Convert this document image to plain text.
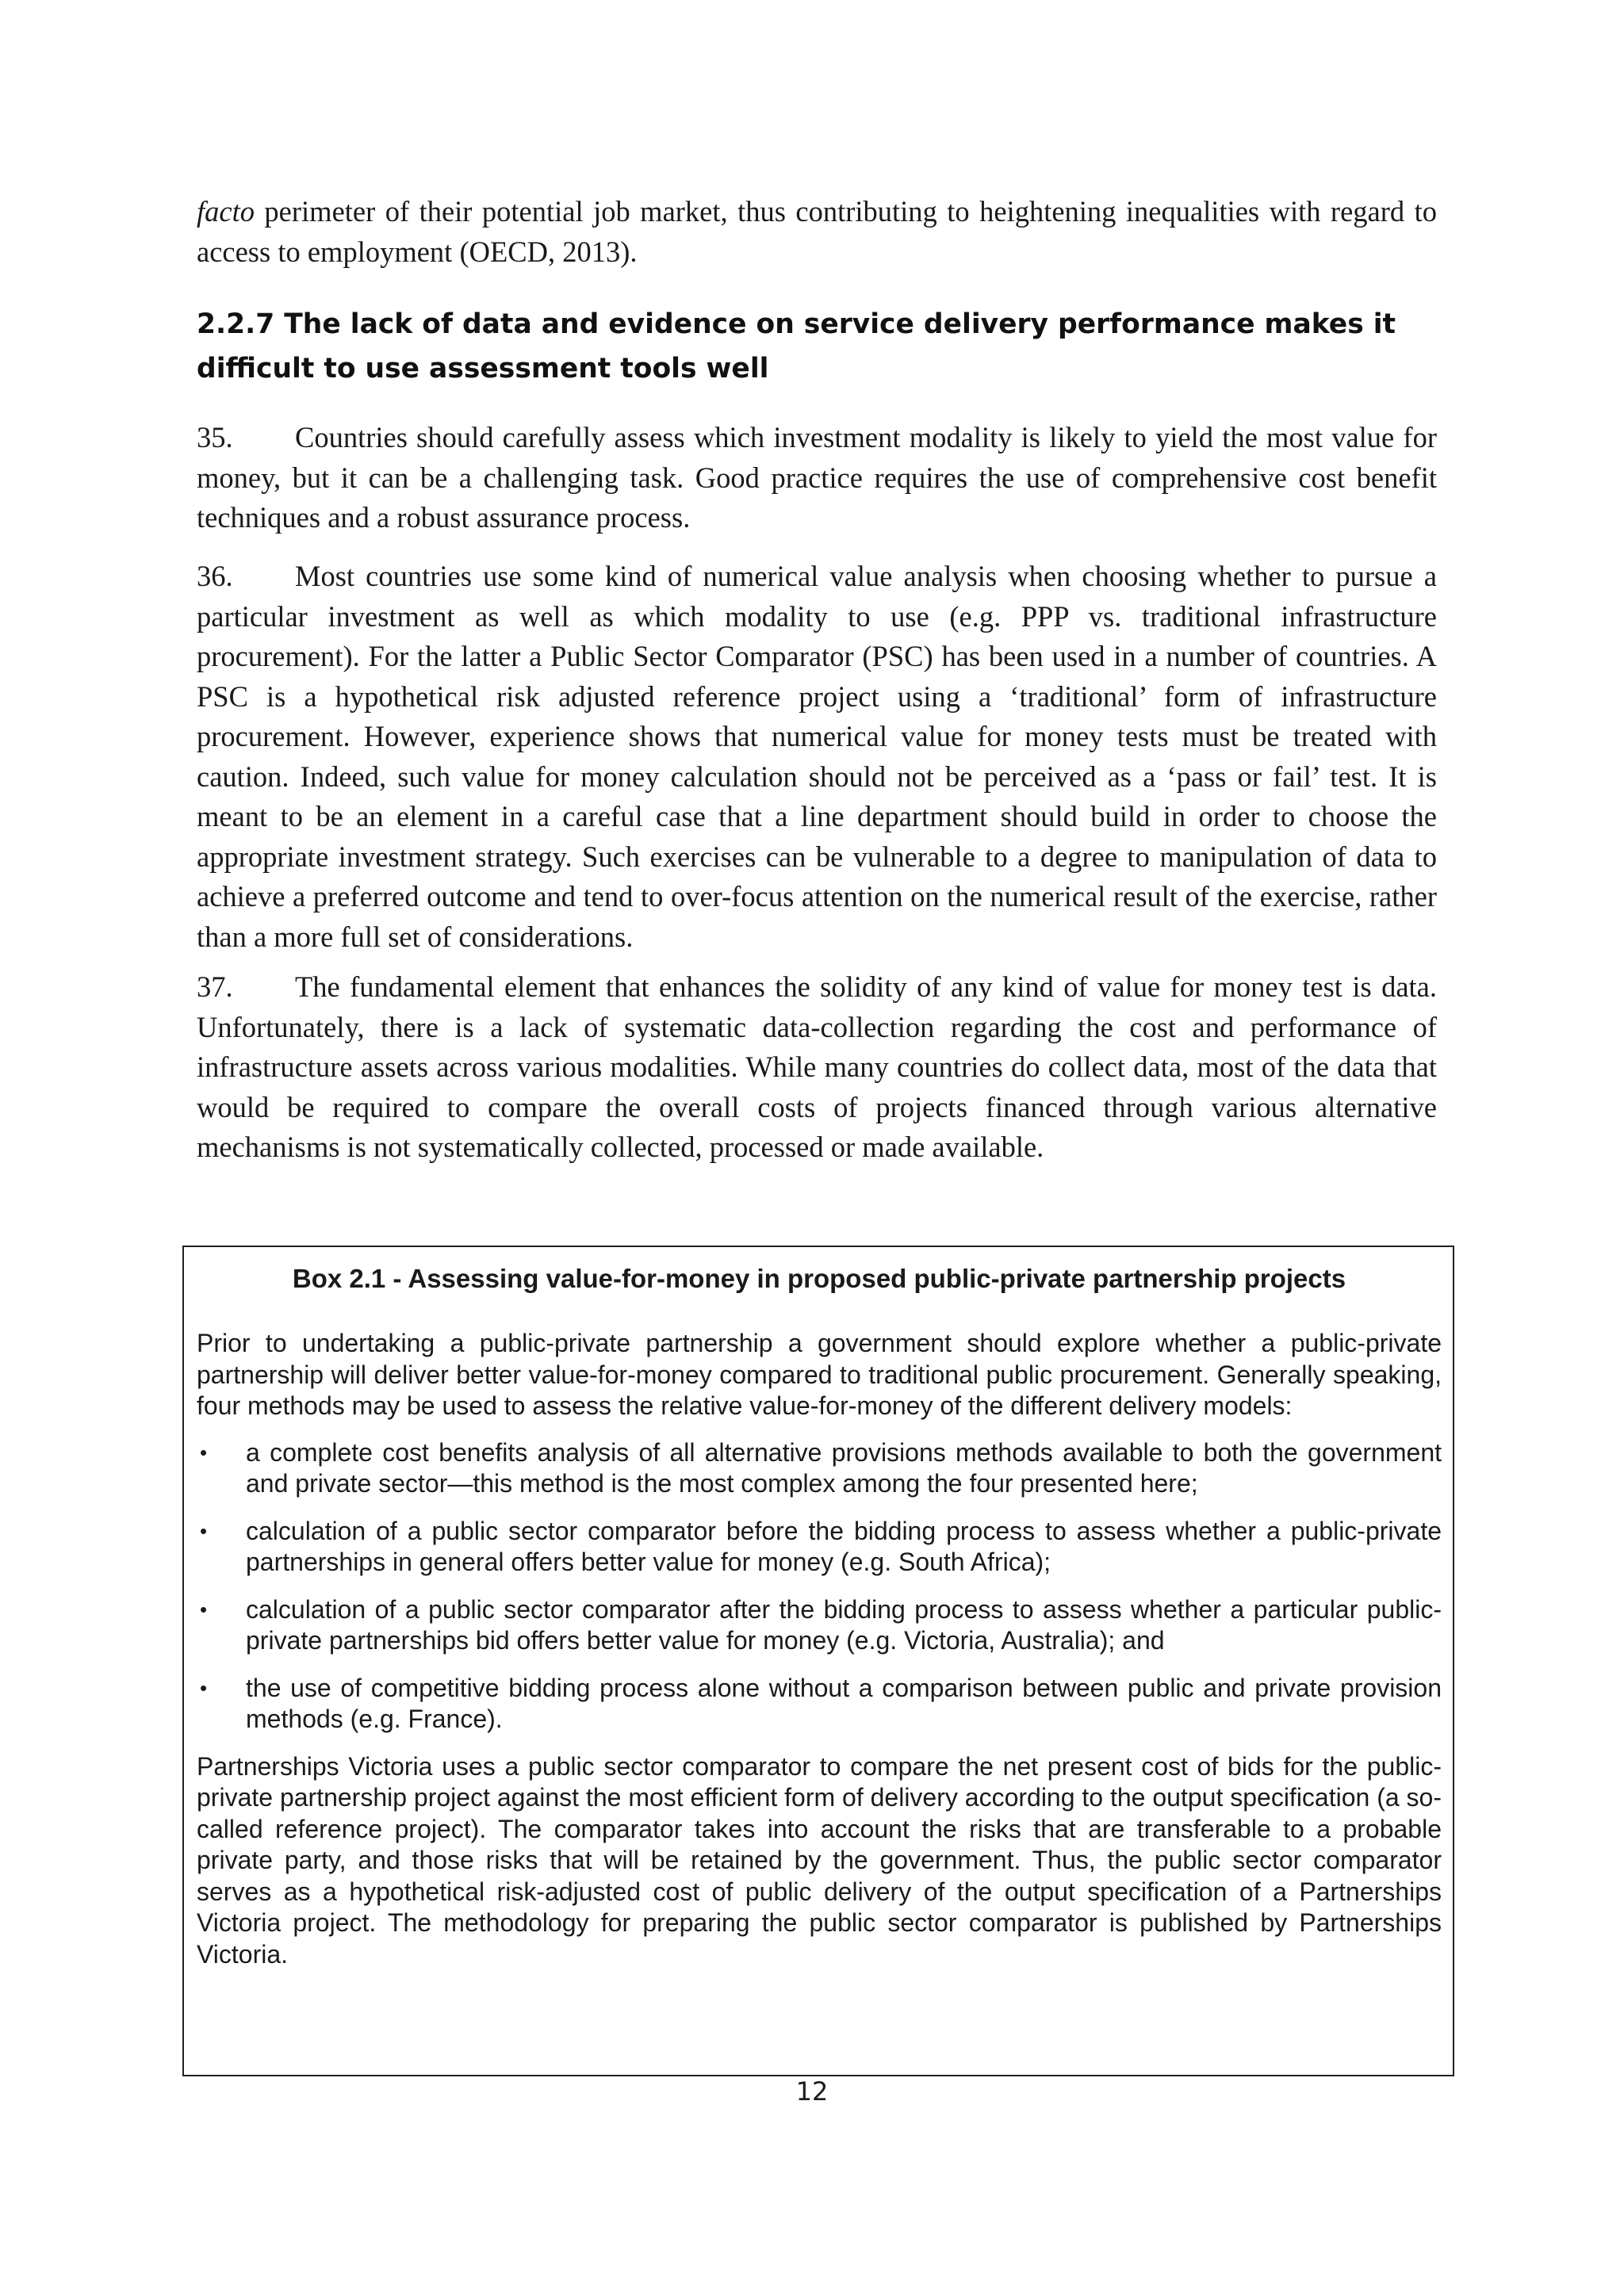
facto perimeter of their potential job market, thus contributing to heightening inequalities with regard to access to employment (OECD, 2013).

2.2.7 The lack of data and evidence on service delivery performance makes it difficult to use assessment tools well

35. Countries should carefully assess which investment modality is likely to yield the most value for money, but it can be a challenging task. Good practice requires the use of comprehensive cost benefit techniques and a robust assurance process.

36. Most countries use some kind of numerical value analysis when choosing whether to pursue a particular investment as well as which modality to use (e.g. PPP vs. traditional infrastructure procurement). For the latter a Public Sector Comparator (PSC) has been used in a number of countries. A PSC is a hypothetical risk adjusted reference project using a ‘traditional’ form of infrastructure procurement. However, experience shows that numerical value for money tests must be treated with caution. Indeed, such value for money calculation should not be perceived as a ‘pass or fail’ test. It is meant to be an element in a careful case that a line department should build in order to choose the appropriate investment strategy. Such exercises can be vulnerable to a degree to manipulation of data to achieve a preferred outcome and tend to over-focus attention on the numerical result of the exercise, rather than a more full set of considerations.

37. The fundamental element that enhances the solidity of any kind of value for money test is data. Unfortunately, there is a lack of systematic data-collection regarding the cost and performance of infrastructure assets across various modalities. While many countries do collect data, most of the data that would be required to compare the overall costs of projects financed through various alternative mechanisms is not systematically collected, processed or made available.

Box 2.1 - Assessing value-for-money in proposed public-private partnership projects

Prior to undertaking a public-private partnership a government should explore whether a public-private partnership will deliver better value-for-money compared to traditional public procurement. Generally speaking, four methods may be used to assess the relative value-for-money of the different delivery models:

• a complete cost benefits analysis of all alternative provisions methods available to both the government and private sector—this method is the most complex among the four presented here;
• calculation of a public sector comparator before the bidding process to assess whether a public-private partnerships in general offers better value for money (e.g. South Africa);
• calculation of a public sector comparator after the bidding process to assess whether a particular public-private partnerships bid offers better value for money (e.g. Victoria, Australia); and
• the use of competitive bidding process alone without a comparison between public and private provision methods (e.g. France).

Partnerships Victoria uses a public sector comparator to compare the net present cost of bids for the public-private partnership project against the most efficient form of delivery according to the output specification (a so-called reference project). The comparator takes into account the risks that are transferable to a probable private party, and those risks that will be retained by the government. Thus, the public sector comparator serves as a hypothetical risk-adjusted cost of public delivery of the output specification of a Partnerships Victoria project. The methodology for preparing the public sector comparator is published by Partnerships Victoria.

12
